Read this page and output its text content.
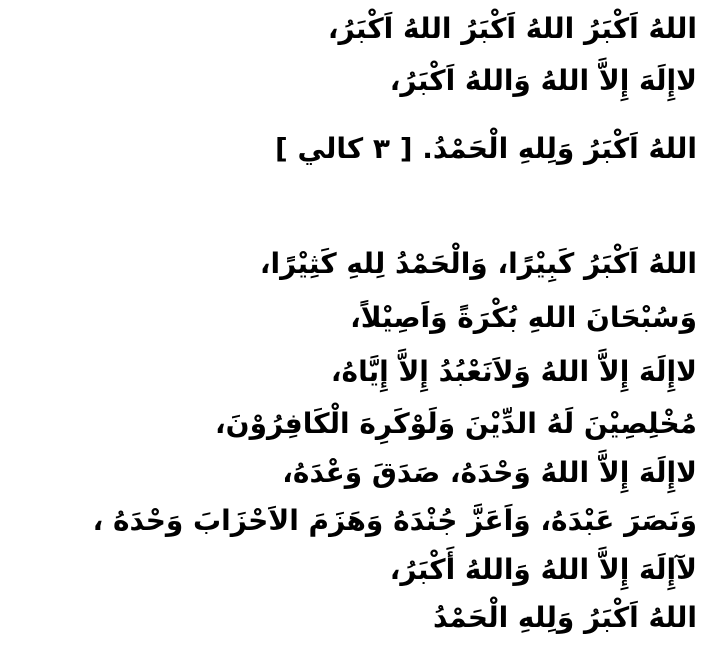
اللهُ اَكْبَرُ اللهُ اَكْبَرُ اللهُ اَكْبَرُ،
لاإِلَهَ إِلاَّ اللهُ وَاللهُ اَكْبَرُ،
اللهُ اَكْبَرُ وَلِلهِ الْحَمْدُ. [ ٣ كالي ]
اللهُ اَكْبَرُ كَبِيْرًا، وَالْحَمْدُ لِلهِ كَثِيْرًا،
وَسُبْحَانَ اللهِ بُكْرَةً وَاَصِيْلاً،
لاإِلَهَ إِلاَّ اللهُ وَلاَنَعْبُدُ إِلاَّ إِيَّاهُ،
مُخْلِصِيْنَ لَهُ الدِّيْنَ وَلَوْكَرِهَ الْكَافِرُوْنَ،
لاإِلَهَ إِلاَّ اللهُ وَحْدَهُ، صَدَقَ وَعْدَهُ،
وَنَصَرَ عَبْدَهُ، وَاَعَزَّ جُنْدَهُ وَهَزَمَ الاَحْزَابَ وَحْدَهُ ،
لآإِلَهَ إِلاَّ اللهُ وَاللهُ أَكْبَرُ،
اللهُ اَكْبَرُ وَلِلهِ الْحَمْدُ
